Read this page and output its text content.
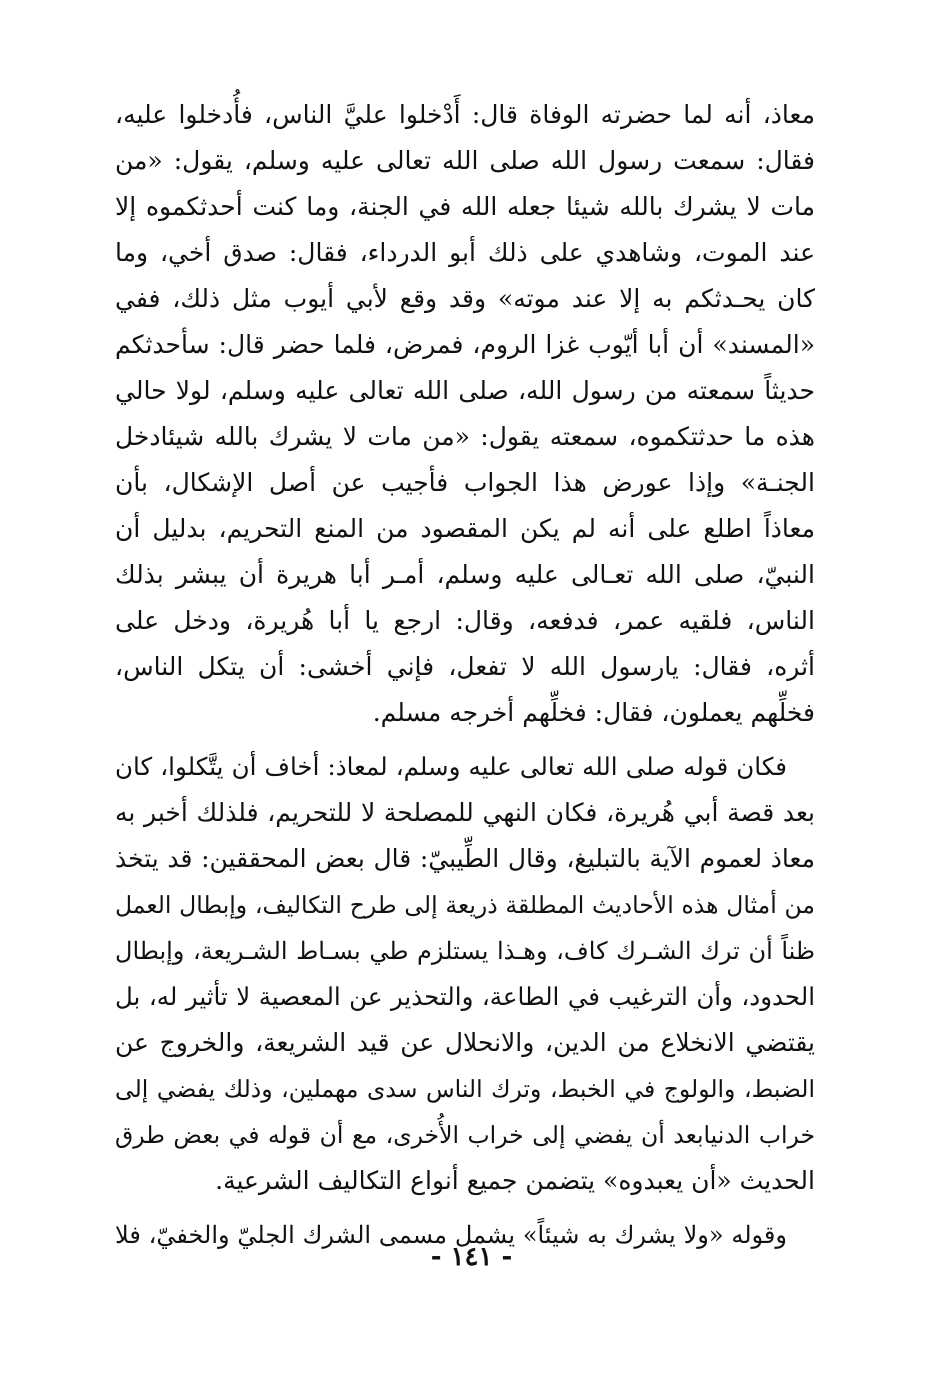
معاذ، أنه لما حضرته الوفاة قال: أَدْخلوا عليَّ الناس، فأُدخلوا عليه،
فقال: سمعت رسول الله صلى الله تعالى عليه وسلم، يقول: «من
مات لا يشرك بالله شيئا جعله الله في الجنة، وما كنت أحدثكموه إلا
عند الموت، وشاهدي على ذلك أبو الدرداء، فقال: صدق أخي، وما
كان يحـدثكم به إلا عند موته» وقد وقع لأبي أيوب مثل ذلك، ففي
«المسند» أن أبا أيّوب غزا الروم، فمرض، فلما حضر قال: سأحدثكم
حديثاً سمعته من رسول الله، صلى الله تعالى عليه وسلم، لولا حالي
هذه ما حدثتكموه، سمعته يقول: «من مات لا يشرك بالله شيئادخل
الجنـة» وإذا عورض هذا الجواب فأجيب عن أصل الإشكال، بأن
معاذاً اطلع على أنه لم يكن المقصود من المنع التحريم، بدليل أن
النبيّ، صلى الله تعـالى عليه وسلم، أمـر أبا هريرة أن يبشر بذلك
الناس، فلقيه عمر، فدفعه، وقال: ارجع يا أبا هُريرة، ودخل على
أثره، فقال: يارسول الله لا تفعل، فإني أخشى: أن يتكل الناس،
فخلِّهم يعملون، فقال: فخلِّهم أخرجه مسلم.
فكان قوله صلى الله تعالى عليه وسلم، لمعاذ: أخاف أن يتَّكلوا، كان
بعد قصة أبي هُريرة، فكان النهي للمصلحة لا للتحريم، فلذلك أخبر به
معاذ لعموم الآية بالتبليغ، وقال الطِّيبيّ: قال بعض المحققين: قد يتخذ
من أمثال هذه الأحاديث المطلقة ذريعة إلى طرح التكاليف، وإبطال العمل
ظناً أن ترك الشـرك كاف، وهـذا يستلزم طي بسـاط الشـريعة، وإبطال
الحدود، وأن الترغيب في الطاعة، والتحذير عن المعصية لا تأثير له، بل
يقتضي الانخلاع من الدين، والانحلال عن قيد الشريعة، والخروج عن
الضبط، والولوج في الخبط، وترك الناس سدى مهملين، وذلك يفضي إلى
خراب الدنيابعد أن يفضي إلى خراب الأُخرى، مع أن قوله في بعض طرق
الحديث «أن يعبدوه» يتضمن جميع أنواع التكاليف الشرعية.
وقوله «ولا يشرك به شيئاً» يشمل مسمى الشرك الجليّ والخفيّ، فلا
- ١٤١ -
